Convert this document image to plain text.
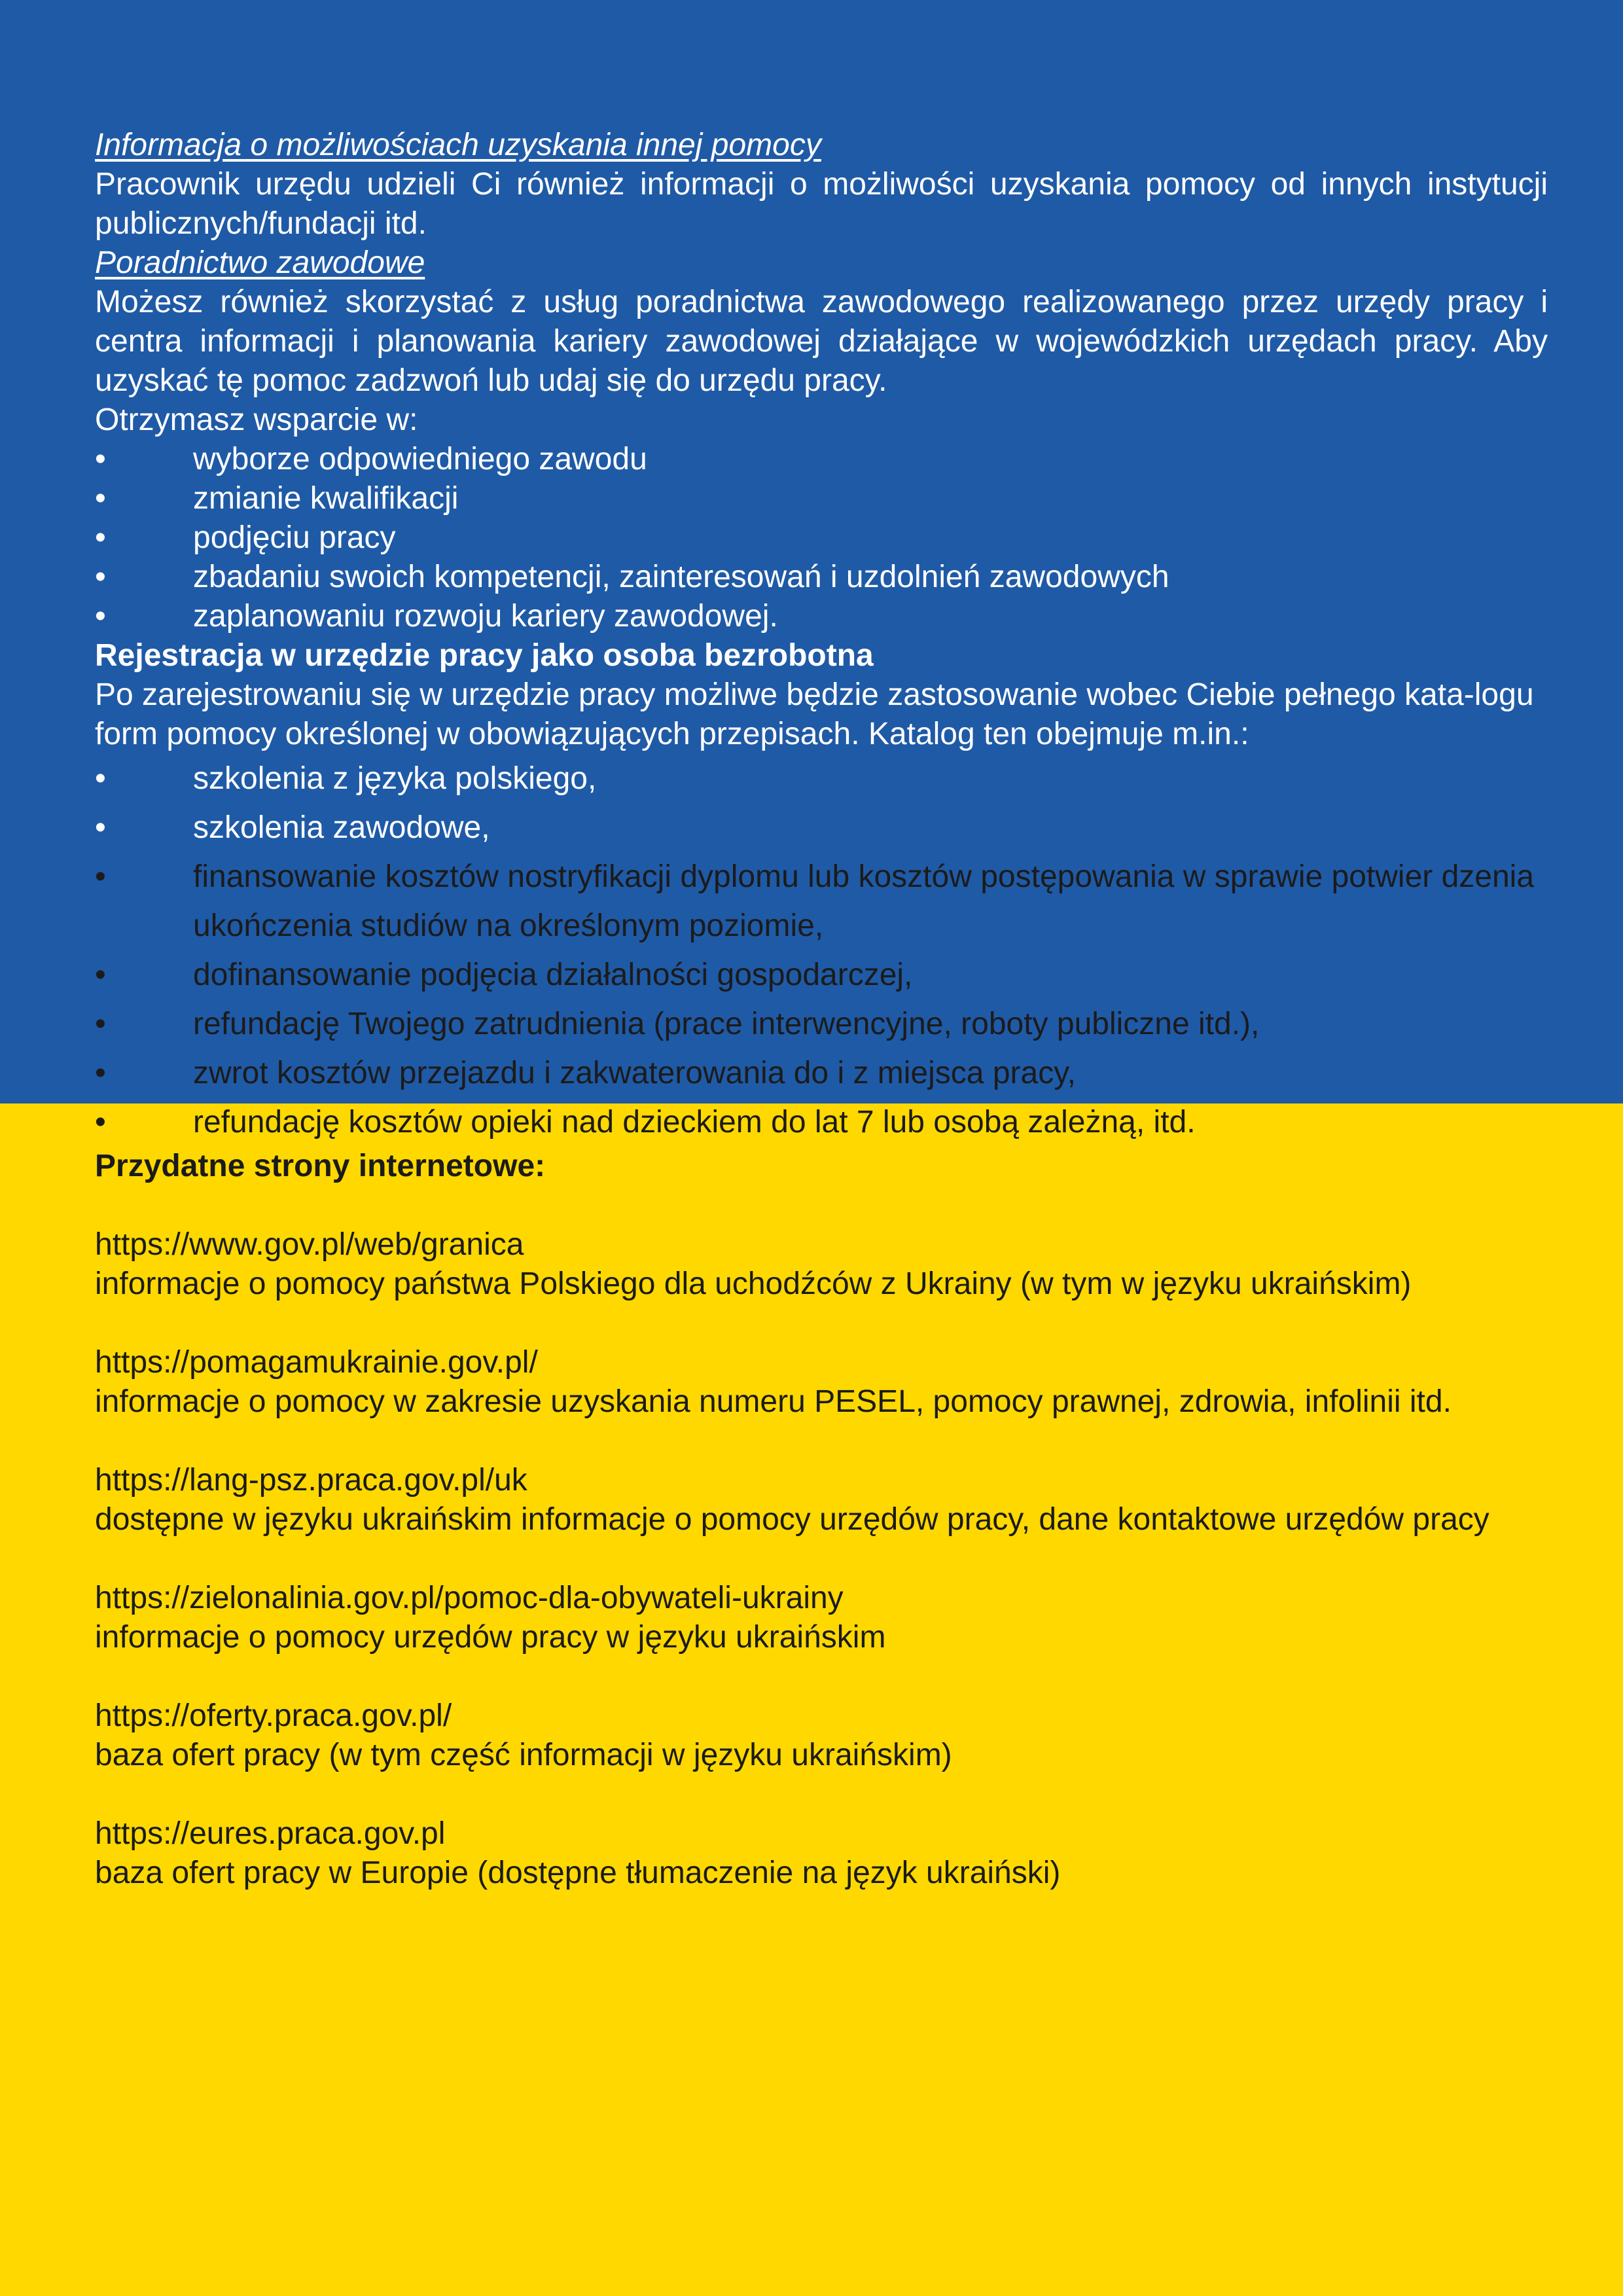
Informacja o możliwościach uzyskania innej pomocy

Pracownik urzędu udzieli Ci również informacji o możliwości uzyskania pomocy od innych instytucji publicznych/fundacji itd.

Poradnictwo zawodowe

Możesz również skorzystać z usług poradnictwa zawodowego realizowanego przez urzędy pracy i centra informacji i planowania kariery zawodowej działające w wojewódzkich urzędach pracy. Aby uzyskać tę pomoc zadzwoń lub udaj się do urzędu pracy.

Otrzymasz wsparcie w:

•	wyborze odpowiedniego zawodu
•	zmianie kwalifikacji
•	podjęciu pracy
•	zbadaniu swoich kompetencji, zainteresowań i uzdolnień zawodowych
•	zaplanowaniu rozwoju kariery zawodowej.

Rejestracja w urzędzie pracy jako osoba bezrobotna

Po zarejestrowaniu się w urzędzie pracy możliwe będzie zastosowanie wobec Ciebie pełnego kata-logu form pomocy określonej w obowiązujących przepisach. Katalog ten obejmuje m.in.:

•	szkolenia z języka polskiego,
•	szkolenia zawodowe,
•	finansowanie kosztów nostryfikacji dyplomu lub kosztów postępowania w sprawie potwier dzenia ukończenia studiów na określonym poziomie,
•	dofinansowanie podjęcia działalności gospodarczej,
•	refundację Twojego zatrudnienia (prace interwencyjne, roboty publiczne itd.),
•	zwrot kosztów przejazdu i zakwaterowania do i z miejsca pracy,
•	refundację kosztów opieki nad dzieckiem do lat 7 lub osobą zależną, itd.

Przydatne strony internetowe:

https://www.gov.pl/web/granica

informacje o pomocy państwa Polskiego dla uchodźców z Ukrainy (w tym w języku ukraińskim)

https://pomagamukrainie.gov.pl/

informacje o pomocy w zakresie uzyskania numeru PESEL, pomocy prawnej, zdrowia, infolinii itd.

https://lang-psz.praca.gov.pl/uk

dostępne w języku ukraińskim informacje o pomocy urzędów pracy, dane kontaktowe urzędów pracy

https://zielonalinia.gov.pl/pomoc-dla-obywateli-ukrainy

informacje o pomocy urzędów pracy w języku ukraińskim

https://oferty.praca.gov.pl/

baza ofert pracy (w tym część informacji w języku ukraińskim)

https://eures.praca.gov.pl

baza ofert pracy w Europie (dostępne tłumaczenie na język ukraiński)
